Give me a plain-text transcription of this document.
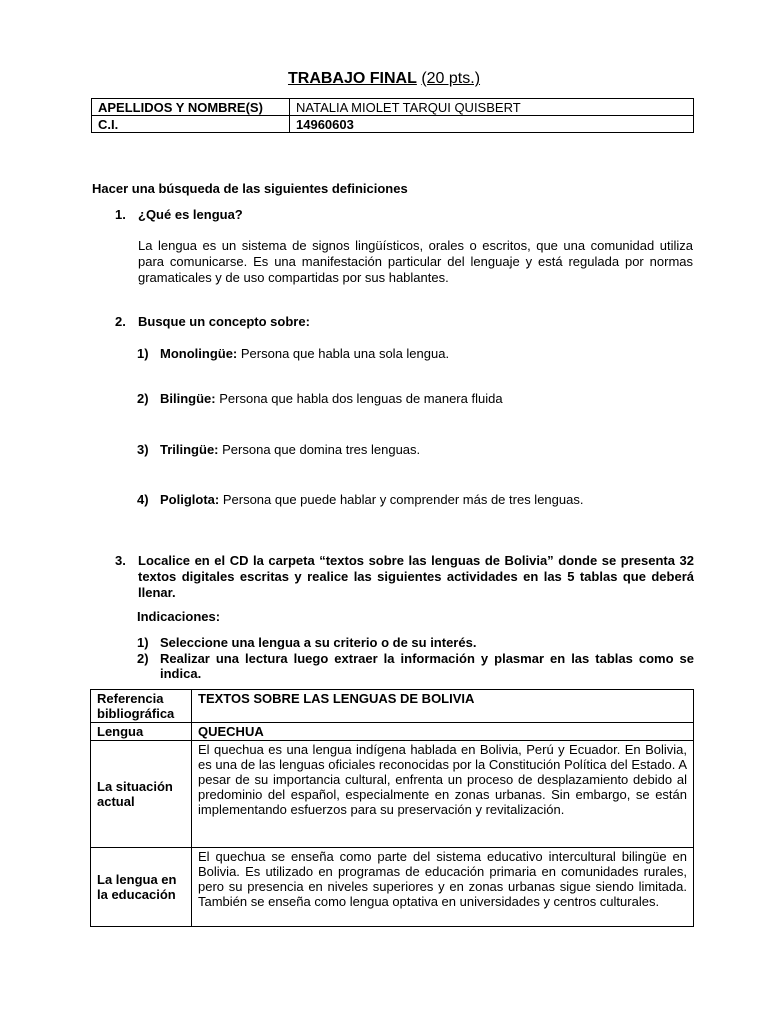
TRABAJO FINAL (20 pts.)
APELLIDOS Y NOMBRE(S)	NATALIA MIOLET TARQUI QUISBERT
C.I.	14960603
Hacer una búsqueda de las siguientes definiciones
1. ¿Qué es lengua?
La lengua es un sistema de signos lingüísticos, orales o escritos, que una comunidad utiliza para comunicarse. Es una manifestación particular del lenguaje y está regulada por normas gramaticales y de uso compartidas por sus hablantes.
2. Busque un concepto sobre:
1) Monolingüe: Persona que habla una sola lengua.
2) Bilingüe: Persona que habla dos lenguas de manera fluida
3) Trilingüe: Persona que domina tres lenguas.
4) Poliglota: Persona que puede hablar y comprender más de tres lenguas.
3. Localice en el CD la carpeta “textos sobre las lenguas de Bolivia” donde se presenta 32 textos digitales escritas y realice las siguientes actividades en las 5 tablas que deberá llenar.
Indicaciones:
1) Seleccione una lengua a su criterio o de su interés.
2) Realizar una lectura luego extraer la información y plasmar en las tablas como se indica.
Referencia bibliográfica	TEXTOS SOBRE LAS LENGUAS DE BOLIVIA
Lengua	QUECHUA
La situación actual	El quechua es una lengua indígena hablada en Bolivia, Perú y Ecuador. En Bolivia, es una de las lenguas oficiales reconocidas por la Constitución Política del Estado. A pesar de su importancia cultural, enfrenta un proceso de desplazamiento debido al predominio del español, especialmente en zonas urbanas. Sin embargo, se están implementando esfuerzos para su preservación y revitalización.
La lengua en la educación	El quechua se enseña como parte del sistema educativo intercultural bilingüe en Bolivia. Es utilizado en programas de educación primaria en comunidades rurales, pero su presencia en niveles superiores y en zonas urbanas sigue siendo limitada. También se enseña como lengua optativa en universidades y centros culturales.
